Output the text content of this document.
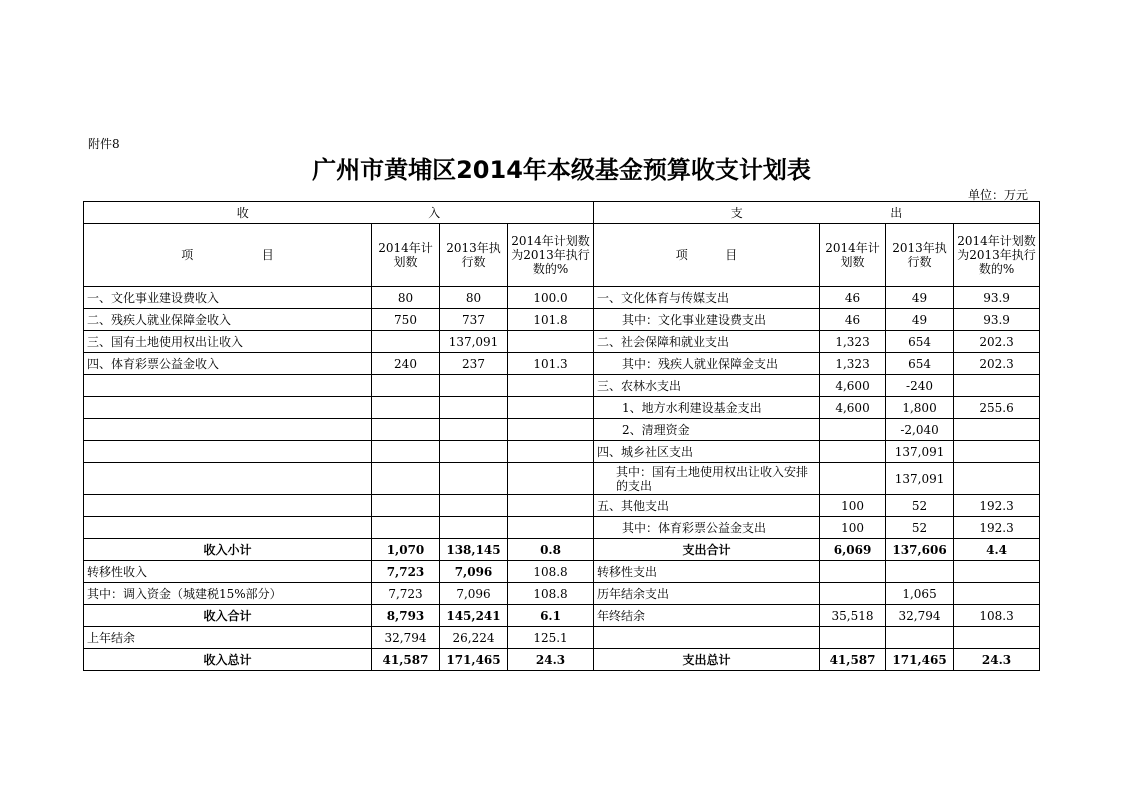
附件8
广州市黄埔区2014年本级基金预算收支计划表
单位：万元
收 入				支 出			

项 目	2014年计划数	2013年执行数	2014年计划数为2013年执行数的%	项 目	2014年计划数	2013年执行数	2014年计划数为2013年执行数的%
一、文化事业建设费收入	80	80	100.0	一、文化体育与传媒支出	46	49	93.9
二、残疾人就业保障金收入	750	737	101.8	其中：文化事业建设费支出	46	49	93.9
三、国有土地使用权出让收入		137,091		二、社会保障和就业支出	1,323	654	202.3
四、体育彩票公益金收入	240	237	101.3	其中：残疾人就业保障金支出	1,323	654	202.3
				三、农林水支出	4,600	-240	
				1、地方水利建设基金支出	4,600	1,800	255.6
				2、清理资金		-2,040	
				四、城乡社区支出		137,091	
				其中：国有土地使用权出让收入安排的支出		137,091	
				五、其他支出	100	52	192.3
				其中：体育彩票公益金支出	100	52	192.3
收入小计	1,070	138,145	0.8	支出合计	6,069	137,606	4.4
转移性收入	7,723	7,096	108.8	转移性支出			
其中：调入资金（城建税15%部分）	7,723	7,096	108.8	历年结余支出		1,065	
收入合计	8,793	145,241	6.1	年终结余	35,518	32,794	108.3
上年结余	32,794	26,224	125.1				
收入总计	41,587	171,465	24.3	支出总计	41,587	171,465	24.3
